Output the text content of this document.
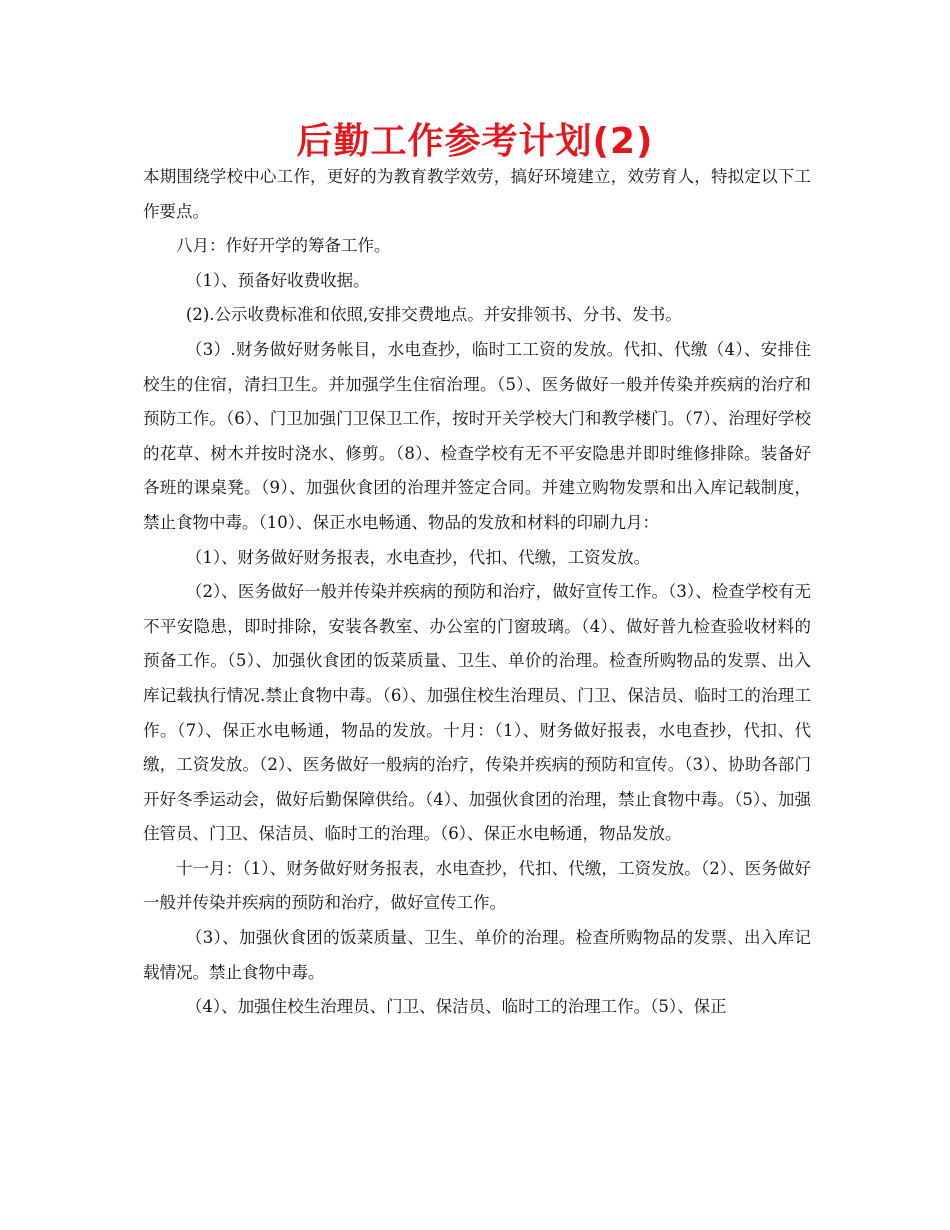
后勤工作参考计划(2)

本期围绕学校中心工作，更好的为教育教学效劳，搞好环境建立，效劳育人，特拟定以下工作要点。

八月：作好开学的筹备工作。

（1）、预备好收费收据。

(2).公示收费标准和依照,安排交费地点。并安排领书、分书、发书。

（3）.财务做好财务帐目，水电查抄，临时工工资的发放。代扣、代缴（4）、安排住校生的住宿，清扫卫生。并加强学生住宿治理。（5）、医务做好一般并传染并疾病的治疗和预防工作。（6）、门卫加强门卫保卫工作，按时开关学校大门和教学楼门。（7）、治理好学校的花草、树木并按时浇水、修剪。（8）、检查学校有无不平安隐患并即时维修排除。装备好各班的课桌凳。（9）、加强伙食团的治理并签定合同。并建立购物发票和出入库记载制度，禁止食物中毒。（10）、保正水电畅通、物品的发放和材料的印刷九月：

（1）、财务做好财务报表，水电查抄，代扣、代缴，工资发放。

（2）、医务做好一般并传染并疾病的预防和治疗，做好宣传工作。（3）、检查学校有无不平安隐患，即时排除，安装各教室、办公室的门窗玻璃。（4）、做好普九检查验收材料的预备工作。（5）、加强伙食团的饭菜质量、卫生、单价的治理。检查所购物品的发票、出入库记载执行情况.禁止食物中毒。（6）、加强住校生治理员、门卫、保洁员、临时工的治理工作。（7）、保正水电畅通，物品的发放。十月：（1）、财务做好报表，水电查抄，代扣、代缴，工资发放。（2）、医务做好一般病的治疗，传染并疾病的预防和宣传。（3）、协助各部门开好冬季运动会，做好后勤保障供给。（4）、加强伙食团的治理，禁止食物中毒。（5）、加强住管员、门卫、保洁员、临时工的治理。（6）、保正水电畅通，物品发放。

十一月：（1）、财务做好财务报表，水电查抄，代扣、代缴，工资发放。（2）、医务做好一般并传染并疾病的预防和治疗，做好宣传工作。

（3）、加强伙食团的饭菜质量、卫生、单价的治理。检查所购物品的发票、出入库记载情况。禁止食物中毒。

（4）、加强住校生治理员、门卫、保洁员、临时工的治理工作。（5）、保正
